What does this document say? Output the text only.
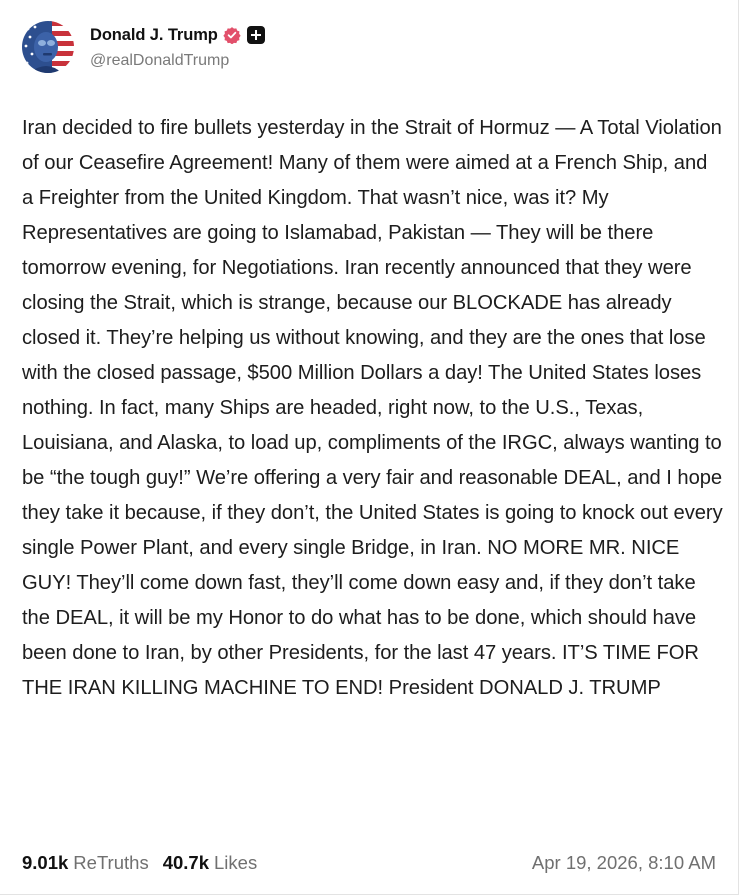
Donald J. Trump
@realDonaldTrump

Iran decided to fire bullets yesterday in the Strait of Hormuz — A Total Violation of our Ceasefire Agreement! Many of them were aimed at a French Ship, and a Freighter from the United Kingdom. That wasn’t nice, was it? My Representatives are going to Islamabad, Pakistan — They will be there tomorrow evening, for Negotiations. Iran recently announced that they were closing the Strait, which is strange, because our BLOCKADE has already closed it. They’re helping us without knowing, and they are the ones that lose with the closed passage, $500 Million Dollars a day! The United States loses nothing. In fact, many Ships are headed, right now, to the U.S., Texas, Louisiana, and Alaska, to load up, compliments of the IRGC, always wanting to be “the tough guy!” We’re offering a very fair and reasonable DEAL, and I hope they take it because, if they don’t, the United States is going to knock out every single Power Plant, and every single Bridge, in Iran. NO MORE MR. NICE GUY! They’ll come down fast, they’ll come down easy and, if they don’t take the DEAL, it will be my Honor to do what has to be done, which should have been done to Iran, by other Presidents, for the last 47 years. IT’S TIME FOR THE IRAN KILLING MACHINE TO END! President DONALD J. TRUMP

9.01k ReTruths 40.7k Likes	Apr 19, 2026, 8:10 AM
